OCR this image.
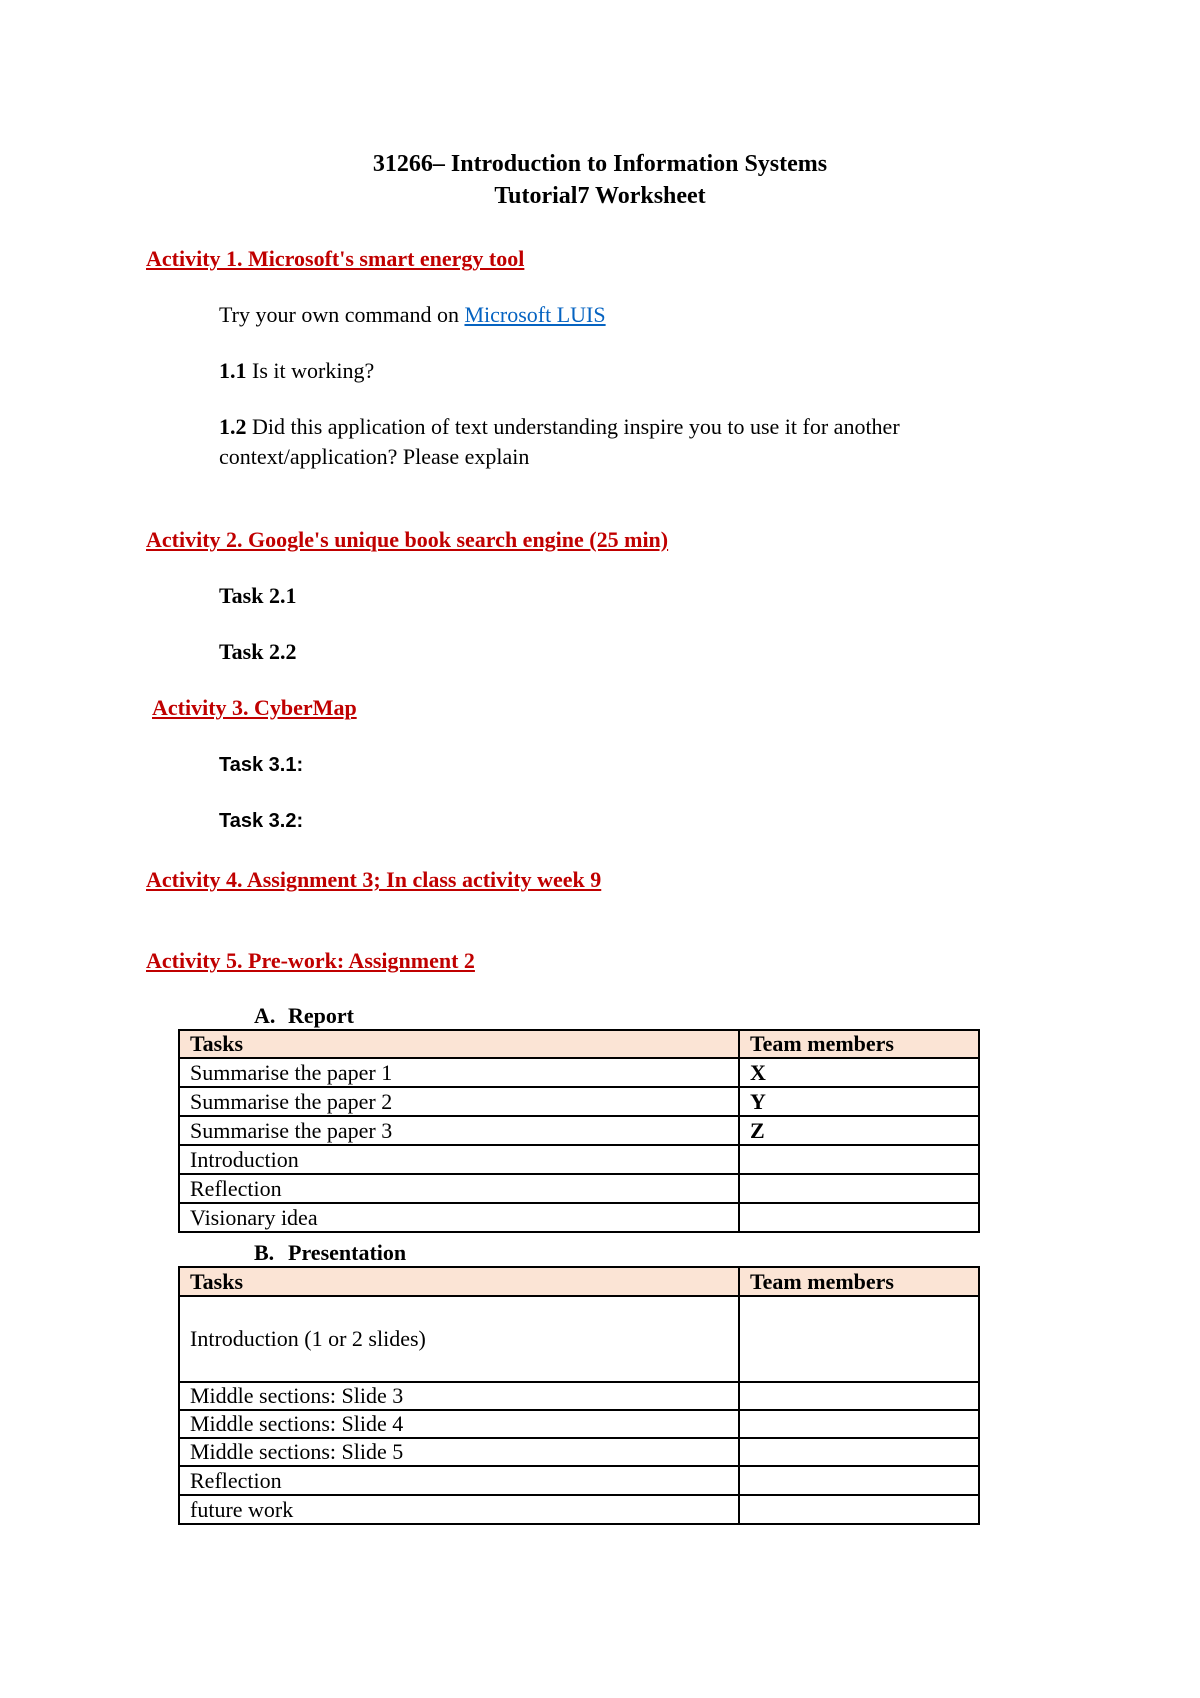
31266– Introduction to Information Systems
Tutorial7 Worksheet
Activity 1. Microsoft's smart energy tool
Try your own command on Microsoft LUIS
1.1 Is it working?
1.2 Did this application of text understanding inspire you to use it for another
context/application? Please explain
Activity 2. Google's unique book search engine (25 min)
Task 2.1
Task 2.2
Activity 3. CyberMap
Task 3.1:
Task 3.2:
Activity 4. Assignment 3; In class activity week 9
Activity 5. Pre-work: Assignment 2
A. Report
Tasks	Team members
Summarise the paper 1	X
Summarise the paper 2	Y
Summarise the paper 3	Z
Introduction	
Reflection	
Visionary idea	
B. Presentation
Tasks	Team members
Introduction (1 or 2 slides)	
Middle sections: Slide 3	
Middle sections: Slide 4	
Middle sections: Slide 5	
Reflection	
future work	
